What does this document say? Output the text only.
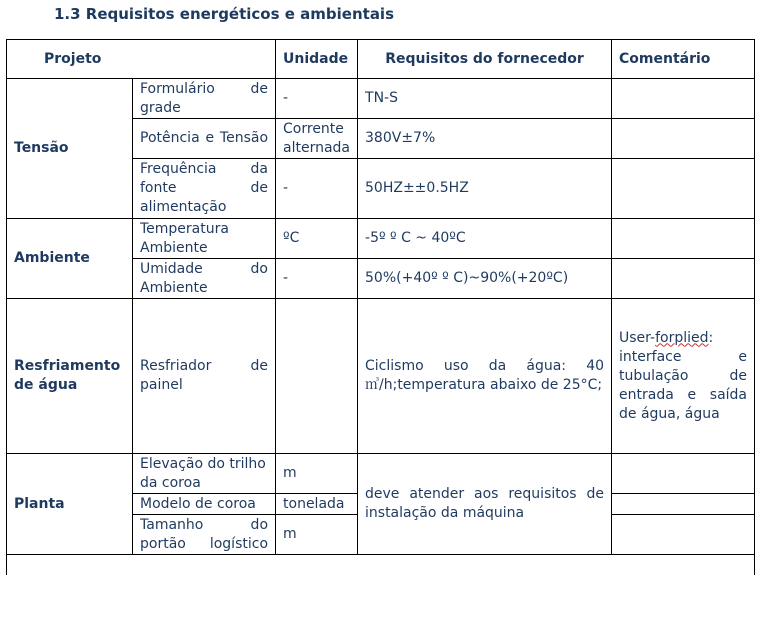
1.3 Requisitos energéticos e ambientais
Projeto		Unidade	Requisitos do fornecedor	Comentário
Tensão	Formulário de grade	-	TN-S	
	Potência e Tensão	Corrente alternada	380V±7%	
	Frequência da fonte de alimentação	-	50HZ±±0.5HZ	
Ambiente	Temperatura Ambiente	ºC	-5º º C ~ 40ºC	
	Umidade do Ambiente	-	50%(+40º º C)~90%(+20ºC)	
Resfriamento de água	Resfriador de painel		Ciclismo uso da água: 40㎥/h;temperatura abaixo de 25°C;	User-forplied: interface e tubulação de entrada e saída de água, água
Planta	Elevação do trilho da coroa	m	deve atender aos requisitos de instalação da máquina	
	Modelo de coroa	tonelada		
	Tamanho do portão logístico	m		
